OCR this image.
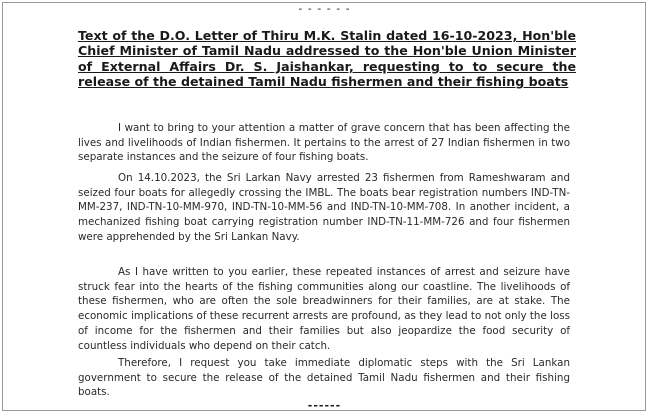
- - - - - -
Text of the D.O. Letter of Thiru M.K. Stalin dated 16-10-2023, Hon'ble Chief Minister of Tamil Nadu addressed to the Hon'ble Union Minister of External Affairs Dr. S. Jaishankar, requesting to to secure the release of the detained Tamil Nadu fishermen and their fishing boats

I want to bring to your attention a matter of grave concern that has been affecting the lives and livelihoods of Indian fishermen. It pertains to the arrest of 27 Indian fishermen in two separate instances and the seizure of four fishing boats.

On 14.10.2023, the Sri Larkan Navy arrested 23 fishermen from Rameshwaram and seized four boats for allegedly crossing the IMBL. The boats bear registration numbers IND-TN-MM-237, IND-TN-10-MM-970, IND-TN-10-MM-56 and IND-TN-10-MM-708. In another incident, a mechanized fishing boat carrying registration number IND-TN-11-MM-726 and four fishermen were apprehended by the Sri Lankan Navy.

As I have written to you earlier, these repeated instances of arrest and seizure have struck fear into the hearts of the fishing communities along our coastline. The livelihoods of these fishermen, who are often the sole breadwinners for their families, are at stake. The economic implications of these recurrent arrests are profound, as they lead to not only the loss of income for the fishermen and their families but also jeopardize the food security of countless individuals who depend on their catch.

Therefore, I request you take immediate diplomatic steps with the Sri Lankan government to secure the release of the detained Tamil Nadu fishermen and their fishing boats.

------
